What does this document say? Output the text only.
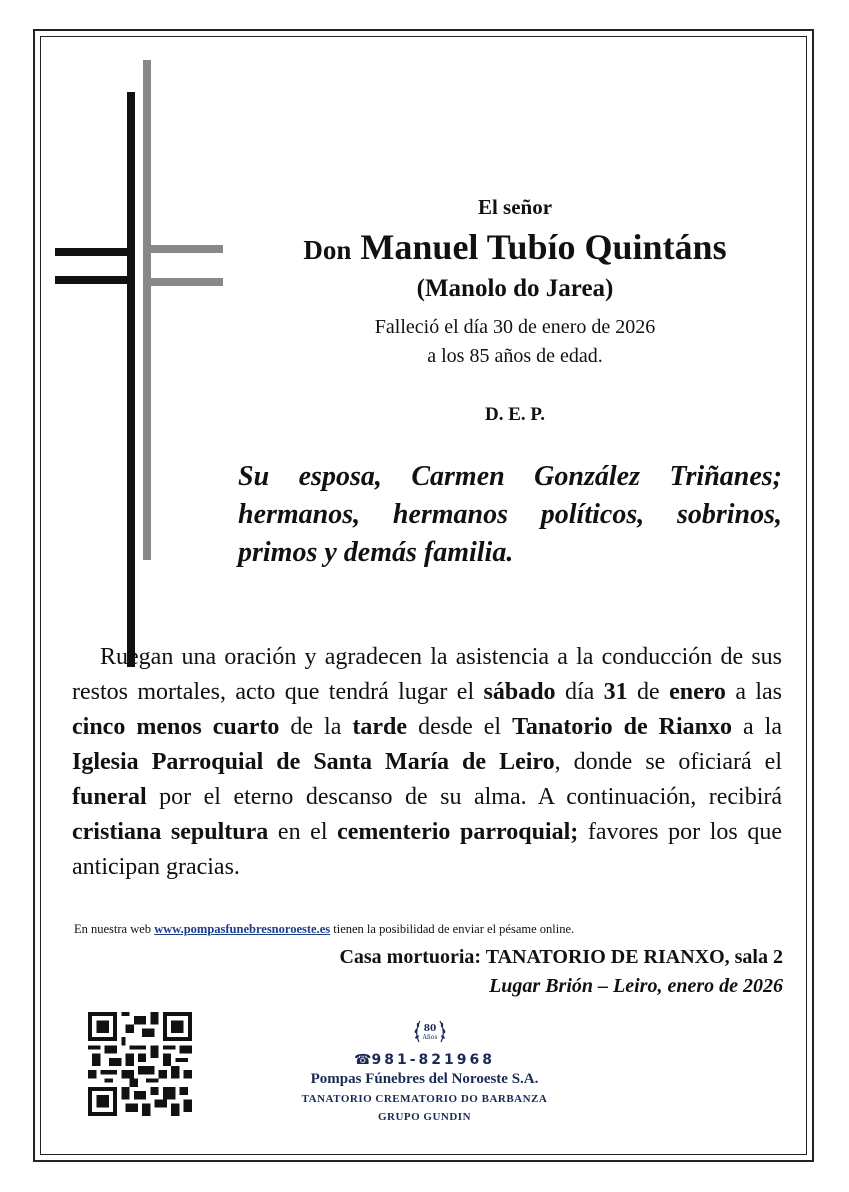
El señor
Don Manuel Tubío Quintáns
(Manolo do Jarea)
Falleció el día 30 de enero de 2026
a los 85 años de edad.
D. E. P.
Su esposa, Carmen González Triñanes; hermanos, hermanos políticos, sobrinos, primos y demás familia.
Ruegan una oración y agradecen la asistencia a la conducción de sus restos mortales, acto que tendrá lugar el sábado día 31 de enero a las cinco menos cuarto de la tarde desde el Tanatorio de Rianxo a la Iglesia Parroquial de Santa María de Leiro, donde se oficiará el funeral por el eterno descanso de su alma. A continuación, recibirá cristiana sepultura en el cementerio parroquial; favores por los que anticipan gracias.
En nuestra web www.pompasfunebresnoroeste.es tienen la posibilidad de enviar el pésame online.
Casa mortuoria: TANATORIO DE RIANXO, sala 2
Lugar Brión – Leiro, enero de 2026
80
Años
☎981-821968
Pompas Fúnebres del Noroeste S.A.
TANATORIO CREMATORIO DO BARBANZA
GRUPO GUNDIN
